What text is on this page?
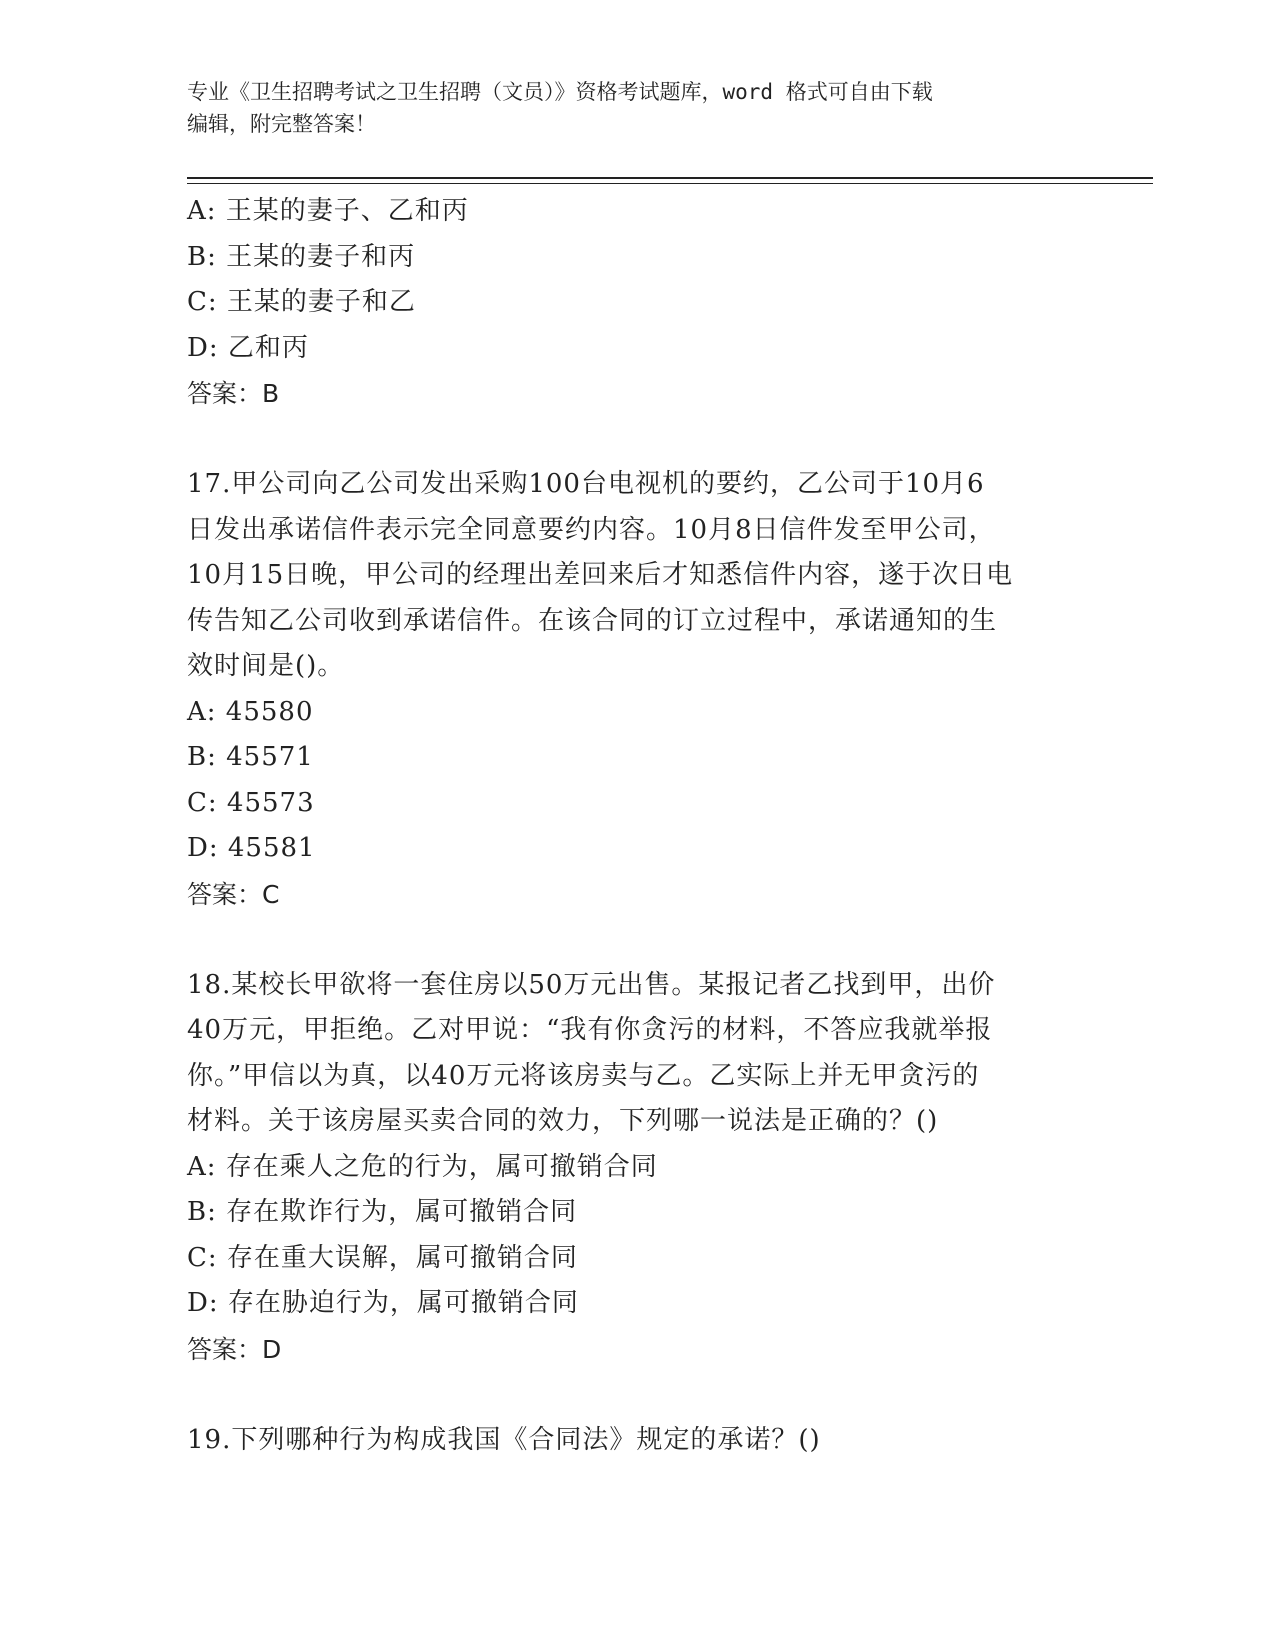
专业《卫生招聘考试之卫生招聘（文员）》资格考试题库，word 格式可自由下载
编辑，附完整答案！
A: 王某的妻子、乙和丙
B: 王某的妻子和丙
C: 王某的妻子和乙
D: 乙和丙
答案：B
17.甲公司向乙公司发出采购100台电视机的要约，乙公司于10月6
日发出承诺信件表示完全同意要约内容。10月8日信件发至甲公司，
10月15日晚，甲公司的经理出差回来后才知悉信件内容，遂于次日电
传告知乙公司收到承诺信件。在该合同的订立过程中，承诺通知的生
效时间是()。
A: 45580
B: 45571
C: 45573
D: 45581
答案：C
18.某校长甲欲将一套住房以50万元出售。某报记者乙找到甲，出价
40万元，甲拒绝。乙对甲说：“我有你贪污的材料，不答应我就举报
你。”甲信以为真，以40万元将该房卖与乙。乙实际上并无甲贪污的
材料。关于该房屋买卖合同的效力，下列哪一说法是正确的？()
A: 存在乘人之危的行为，属可撤销合同
B: 存在欺诈行为，属可撤销合同
C: 存在重大误解，属可撤销合同
D: 存在胁迫行为，属可撤销合同
答案：D
19.下列哪种行为构成我国《合同法》规定的承诺？()
